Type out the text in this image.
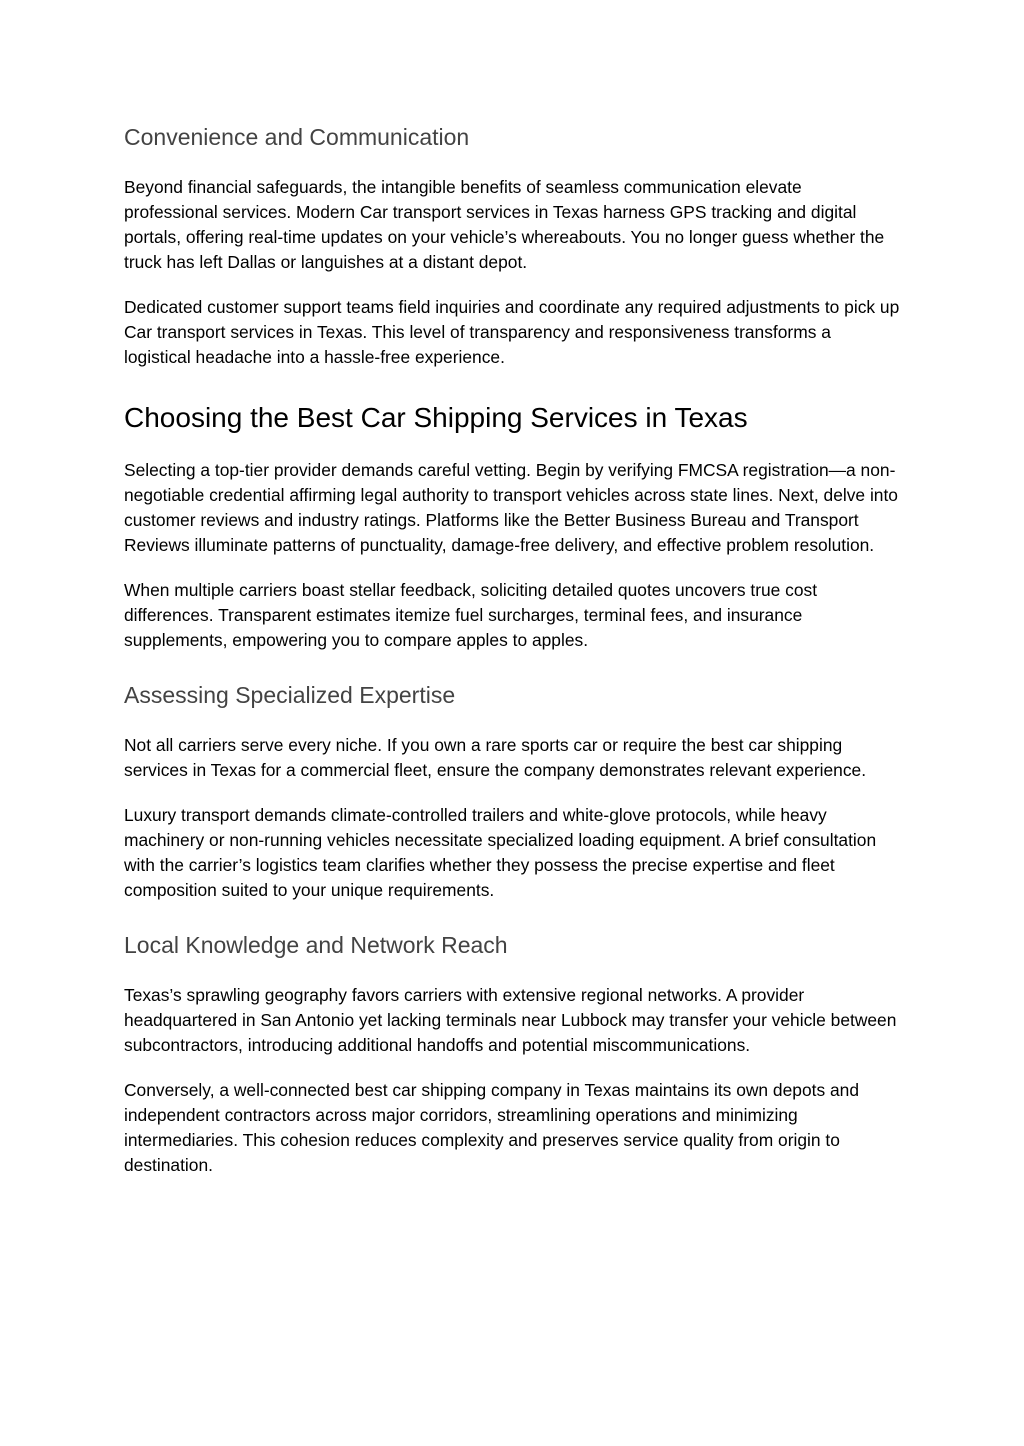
Convenience and Communication

Beyond financial safeguards, the intangible benefits of seamless communication elevate professional services. Modern Car transport services in Texas harness GPS tracking and digital portals, offering real-time updates on your vehicle’s whereabouts. You no longer guess whether the truck has left Dallas or languishes at a distant depot.

Dedicated customer support teams field inquiries and coordinate any required adjustments to pick up Car transport services in Texas. This level of transparency and responsiveness transforms a logistical headache into a hassle-free experience.

Choosing the Best Car Shipping Services in Texas

Selecting a top-tier provider demands careful vetting. Begin by verifying FMCSA registration—a non-negotiable credential affirming legal authority to transport vehicles across state lines. Next, delve into customer reviews and industry ratings. Platforms like the Better Business Bureau and Transport Reviews illuminate patterns of punctuality, damage-free delivery, and effective problem resolution.

When multiple carriers boast stellar feedback, soliciting detailed quotes uncovers true cost differences. Transparent estimates itemize fuel surcharges, terminal fees, and insurance supplements, empowering you to compare apples to apples.

Assessing Specialized Expertise

Not all carriers serve every niche. If you own a rare sports car or require the best car shipping services in Texas for a commercial fleet, ensure the company demonstrates relevant experience.

Luxury transport demands climate-controlled trailers and white-glove protocols, while heavy machinery or non-running vehicles necessitate specialized loading equipment. A brief consultation with the carrier’s logistics team clarifies whether they possess the precise expertise and fleet composition suited to your unique requirements.

Local Knowledge and Network Reach

Texas’s sprawling geography favors carriers with extensive regional networks. A provider headquartered in San Antonio yet lacking terminals near Lubbock may transfer your vehicle between subcontractors, introducing additional handoffs and potential miscommunications.

Conversely, a well-connected best car shipping company in Texas maintains its own depots and independent contractors across major corridors, streamlining operations and minimizing intermediaries. This cohesion reduces complexity and preserves service quality from origin to destination.
